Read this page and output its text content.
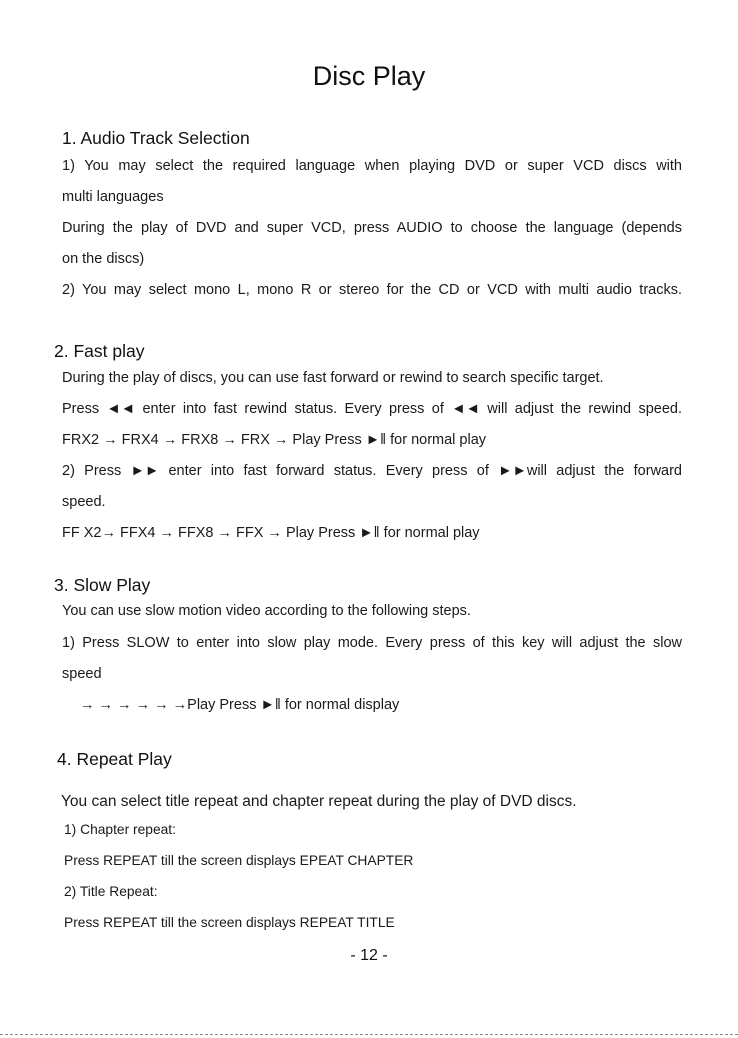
Disc Play
1. Audio Track Selection
1) You may select the required language when playing DVD or super VCD discs with
multi languages
During the play of DVD and super VCD, press AUDIO to choose the language (depends
on the discs)
2) You may select mono L, mono R or stereo for the CD or VCD with multi audio tracks.
2. Fast play
During the play of discs, you can use fast forward or rewind to search specific target.
Press ◄◄ enter into fast rewind status. Every press of ◄◄ will adjust the rewind speed.
FRX2 → FRX4 → FRX8 → FRX → Play Press ►‖ for normal play
2) Press ►► enter into fast forward status. Every press of ►►will adjust the forward
speed.
FF X2→ FFX4 → FFX8 → FFX → Play Press ►‖ for normal play
3. Slow Play
You can use slow motion video according to the following steps.
1) Press SLOW to enter into slow play mode. Every press of this key will adjust the slow
speed
→ → → → → →Play Press ►‖ for normal display
4. Repeat Play
You can select title repeat and chapter repeat during the play of DVD discs.
1) Chapter repeat:
Press REPEAT till the screen displays EPEAT CHAPTER
2) Title Repeat:
Press REPEAT till the screen displays REPEAT TITLE
- 12 -
